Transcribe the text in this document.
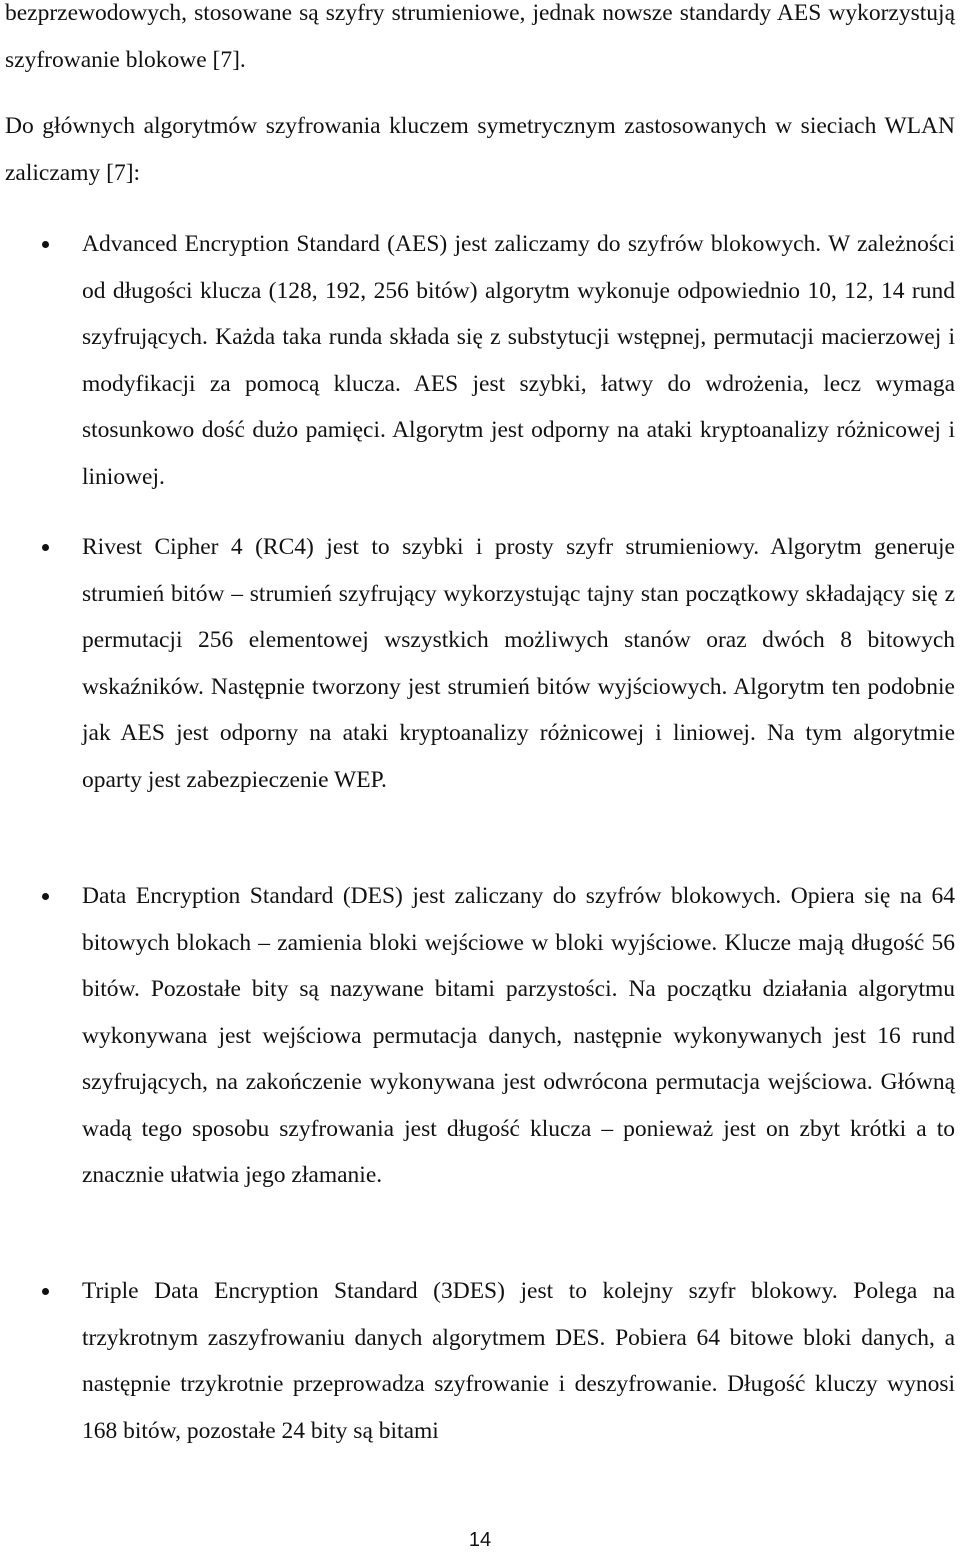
bezprzewodowych, stosowane są szyfry strumieniowe, jednak nowsze standardy AES wykorzystują szyfrowanie blokowe [7].

Do głównych algorytmów szyfrowania kluczem symetrycznym zastosowanych w sieciach WLAN zaliczamy [7]:

Advanced Encryption Standard (AES) jest zaliczamy do szyfrów blokowych. W zależności od długości klucza (128, 192, 256 bitów) algorytm wykonuje odpowiednio 10, 12, 14 rund szyfrujących. Każda taka runda składa się z substytucji wstępnej, permutacji macierzowej i modyfikacji za pomocą klucza. AES jest szybki, łatwy do wdrożenia, lecz wymaga stosunkowo dość dużo pamięci. Algorytm jest odporny na ataki kryptoanalizy różnicowej i liniowej.
Rivest Cipher 4 (RC4) jest to szybki i prosty szyfr strumieniowy. Algorytm generuje strumień bitów – strumień szyfrujący wykorzystując tajny stan początkowy składający się z permutacji 256 elementowej wszystkich możliwych stanów oraz dwóch 8 bitowych wskaźników. Następnie tworzony jest strumień bitów wyjściowych. Algorytm ten podobnie jak AES jest odporny na ataki kryptoanalizy różnicowej i liniowej. Na tym algorytmie oparty jest zabezpieczenie WEP.
Data Encryption Standard (DES) jest zaliczany do szyfrów blokowych. Opiera się na 64 bitowych blokach – zamienia bloki wejściowe w bloki wyjściowe. Klucze mają długość 56 bitów. Pozostałe bity są nazywane bitami parzystości. Na początku działania algorytmu wykonywana jest wejściowa permutacja danych, następnie wykonywanych jest 16 rund szyfrujących, na zakończenie wykonywana jest odwrócona permutacja wejściowa. Główną wadą tego sposobu szyfrowania jest długość klucza – ponieważ jest on zbyt krótki a to znacznie ułatwia jego złamanie.
Triple Data Encryption Standard (3DES) jest to kolejny szyfr blokowy. Polega na trzykrotnym zaszyfrowaniu danych algorytmem DES. Pobiera 64 bitowe bloki danych, a następnie trzykrotnie przeprowadza szyfrowanie i deszyfrowanie. Długość kluczy wynosi 168 bitów, pozostałe 24 bity są bitami
14
